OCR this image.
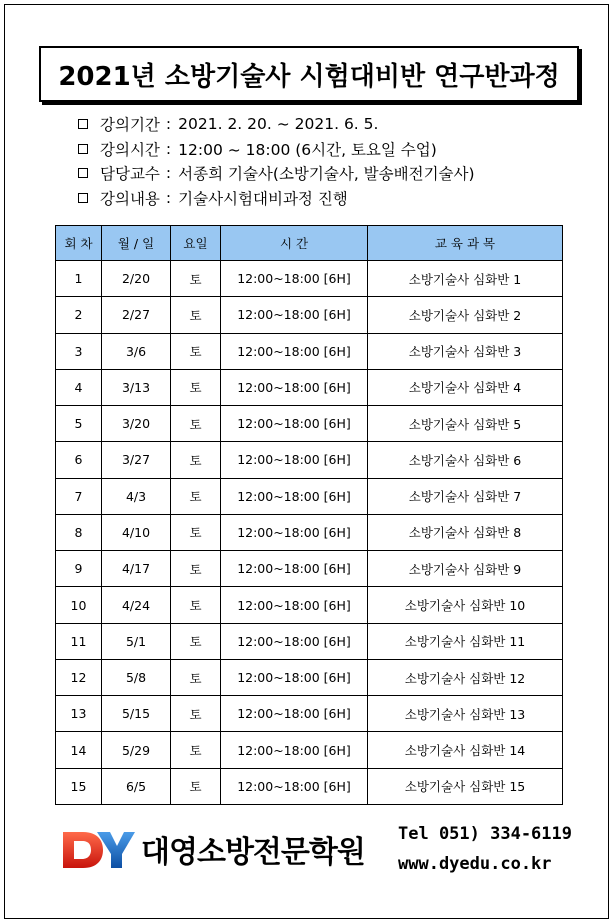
2021년 소방기술사 시험대비반 연구반과정
강의기간 : 2021. 2. 20. ~ 2021. 6. 5.
강의시간 : 12:00 ~ 18:00 (6시간, 토요일 수업)
담당교수 : 서종희 기술사(소방기술사, 발송배전기술사)
강의내용 : 기술사시험대비과정 진행
회 차	월 / 일	요일	시 간	교 육 과 목
1	2/20	토	12:00~18:00 [6H]	소방기술사 심화반 1
2	2/27	토	12:00~18:00 [6H]	소방기술사 심화반 2
3	3/6	토	12:00~18:00 [6H]	소방기술사 심화반 3
4	3/13	토	12:00~18:00 [6H]	소방기술사 심화반 4
5	3/20	토	12:00~18:00 [6H]	소방기술사 심화반 5
6	3/27	토	12:00~18:00 [6H]	소방기술사 심화반 6
7	4/3	토	12:00~18:00 [6H]	소방기술사 심화반 7
8	4/10	토	12:00~18:00 [6H]	소방기술사 심화반 8
9	4/17	토	12:00~18:00 [6H]	소방기술사 심화반 9
10	4/24	토	12:00~18:00 [6H]	소방기술사 심화반 10
11	5/1	토	12:00~18:00 [6H]	소방기술사 심화반 11
12	5/8	토	12:00~18:00 [6H]	소방기술사 심화반 12
13	5/15	토	12:00~18:00 [6H]	소방기술사 심화반 13
14	5/29	토	12:00~18:00 [6H]	소방기술사 심화반 14
15	6/5	토	12:00~18:00 [6H]	소방기술사 심화반 15
대영소방전문학원
Tel 051) 334-6119
www.dyedu.co.kr
